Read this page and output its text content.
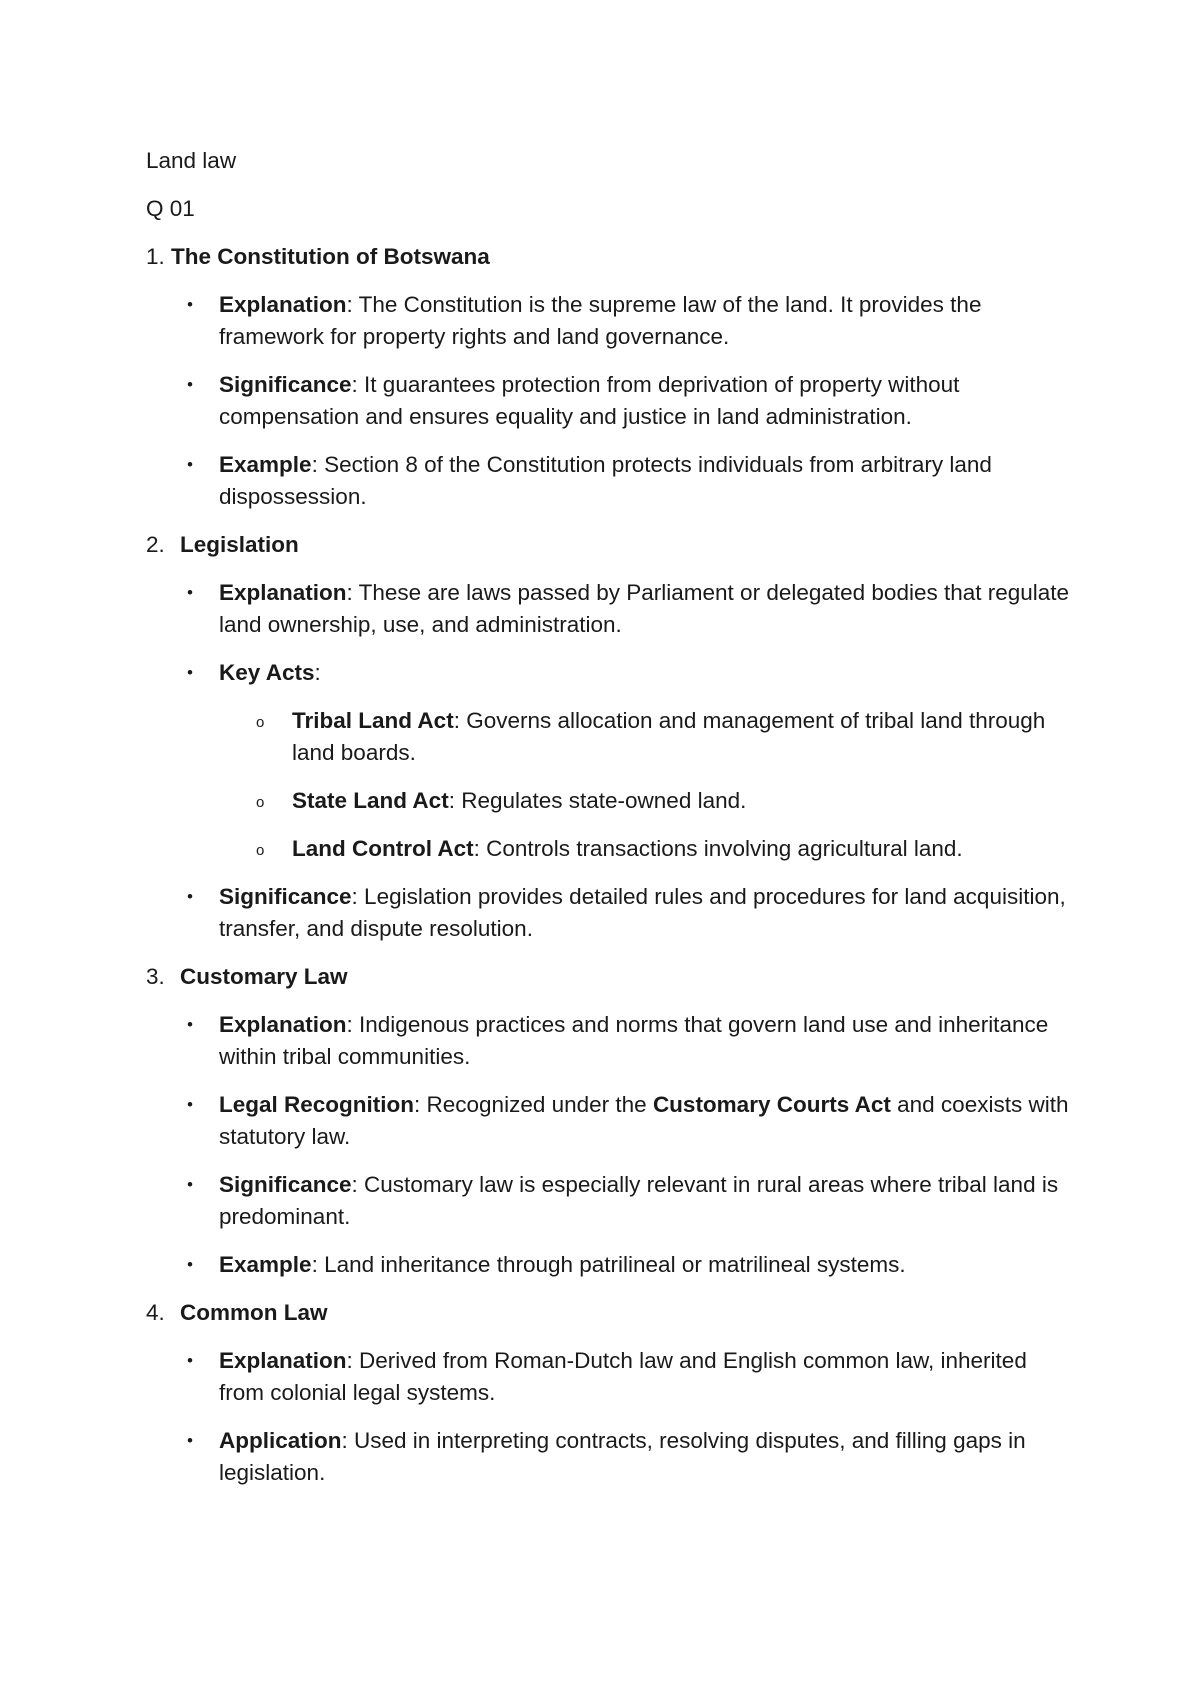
Land law

Q 01

1. The Constitution of Botswana

• Explanation: The Constitution is the supreme law of the land. It provides the framework for property rights and land governance.
• Significance: It guarantees protection from deprivation of property without compensation and ensures equality and justice in land administration.
• Example: Section 8 of the Constitution protects individuals from arbitrary land dispossession.

2. Legislation

• Explanation: These are laws passed by Parliament or delegated bodies that regulate land ownership, use, and administration.
• Key Acts:
o Tribal Land Act: Governs allocation and management of tribal land through land boards.
o State Land Act: Regulates state-owned land.
o Land Control Act: Controls transactions involving agricultural land.
• Significance: Legislation provides detailed rules and procedures for land acquisition, transfer, and dispute resolution.

3. Customary Law

• Explanation: Indigenous practices and norms that govern land use and inheritance within tribal communities.
• Legal Recognition: Recognized under the Customary Courts Act and coexists with statutory law.
• Significance: Customary law is especially relevant in rural areas where tribal land is predominant.
• Example: Land inheritance through patrilineal or matrilineal systems.

4. Common Law

• Explanation: Derived from Roman-Dutch law and English common law, inherited from colonial legal systems.
• Application: Used in interpreting contracts, resolving disputes, and filling gaps in legislation.
